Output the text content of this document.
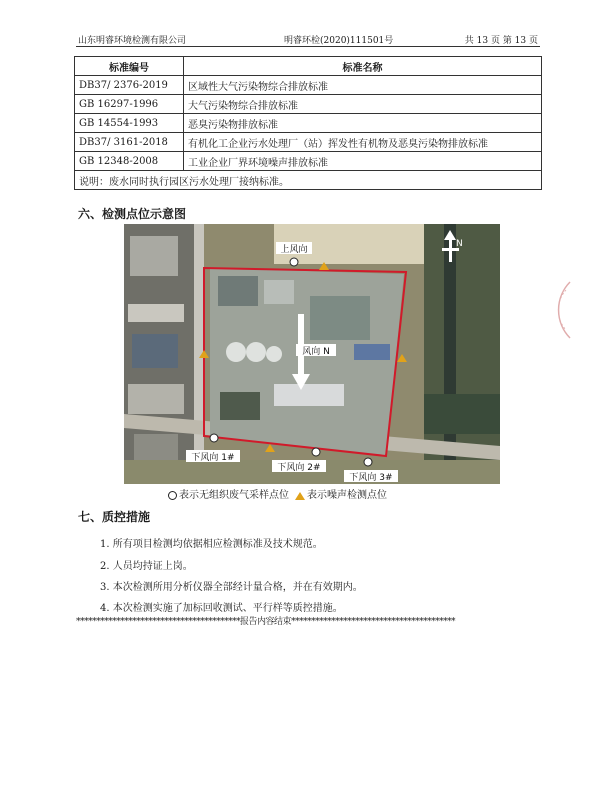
山东明睿环境检测有限公司	明睿环检(2020)111501号	共 13 页 第 13 页
标准编号	标准名称
DB37/ 2376-2019	区域性大气污染物综合排放标准
GB 16297-1996	大气污染物综合排放标准
GB 14554-1993	恶臭污染物排放标准
DB37/ 3161-2018	有机化工企业污水处理厂（站）挥发性有机物及恶臭污染物排放标准
GB 12348-2008	工业企业厂界环境噪声排放标准
说明：废水同时执行园区污水处理厂接纳标准。	
六、检测点位示意图
上风向
风向 N
下风向 1#
下风向 2#
下风向 3#
N
表示无组织废气采样点位 表示噪声检测点位
七、质控措施
1. 所有项目检测均依据相应检测标准及技术规范。
2. 人员均持证上岗。
3. 本次检测所用分析仪器全部经计量合格，并在有效期内。
4. 本次检测实施了加标回收测试、平行样等质控措施。
*****************************************报告内容结束*****************************************
